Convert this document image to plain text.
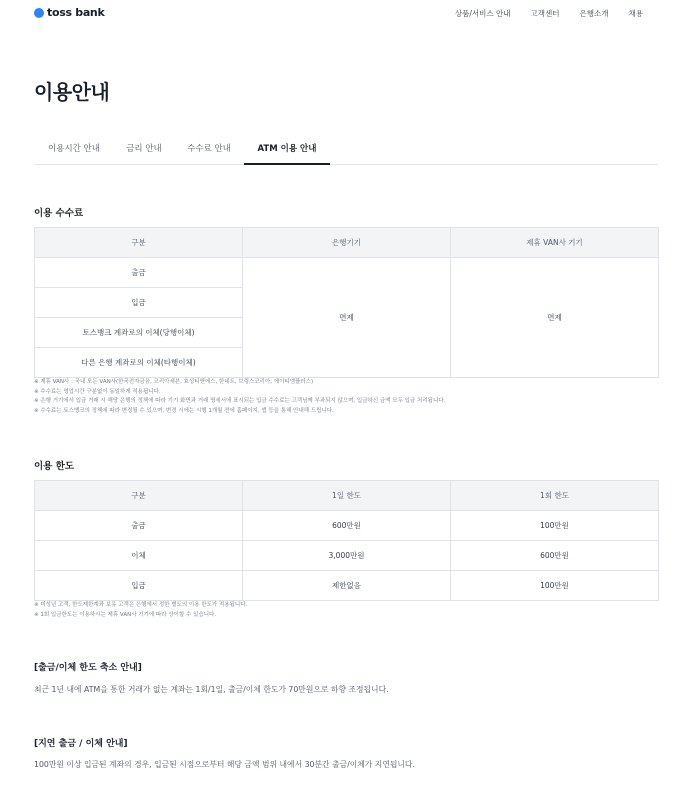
toss bank	상품/서비스 안내	고객센터	은행소개	채용
이용안내
이용시간 안내	금리 안내	수수료 안내	ATM 이용 안내
이용 수수료
구분	은행기기	제휴 VAN사 기기
출금	면제	면제
입금		
토스뱅크 계좌로의 이체(당행이체)		
다른 은행 계좌로의 이체(타행이체)		
※ 제휴 VAN사 : 국내 모든 VAN사(한국전자금융, 코리아세븐, 효성티앤에스, 한네트, 브링스코리아, 에이티엠플러스)
※ 수수료는 영업시간 구분없이 동일하게 적용됩니다.
※ 은행 거기에서 입금 거래 시 해당 은행의 정책에 따라 기기 화면과 거래 명세서에 표시되는 입금 수수료는 고객님께 부과되지 않으며, 입금하신 금액 모두 입금 처리됩니다.
※ 수수료는 토스뱅크의 정책에 따라 변경될 수 있으며, 변경 시에는 시행 1개월 전에 홈페이지, 앱 등을 통해 안내해 드립니다.
이용 한도
구분	1일 한도	1회 한도
출금	600만원	100만원
이체	3,000만원	600만원
입금	제한없음	100만원
※ 미성년 고객, 한도제한계좌 보유 고객은 은행에서 정한 별도의 이용 한도가 적용됩니다.
※ 1회 입금한도는 이용하시는 제휴 VAN사 기기에 따라 상이할 수 있습니다.
[출금/이체 한도 축소 안내]
최근 1년 내에 ATM을 통한 거래가 없는 계좌는 1회/1일, 출금/이체 한도가 70만원으로 하향 조정됩니다.
[지연 출금 / 이체 안내]
100만원 이상 입금된 계좌의 경우, 입금된 시점으로부터 해당 금액 범위 내에서 30분간 출금/이체가 지연됩니다.
